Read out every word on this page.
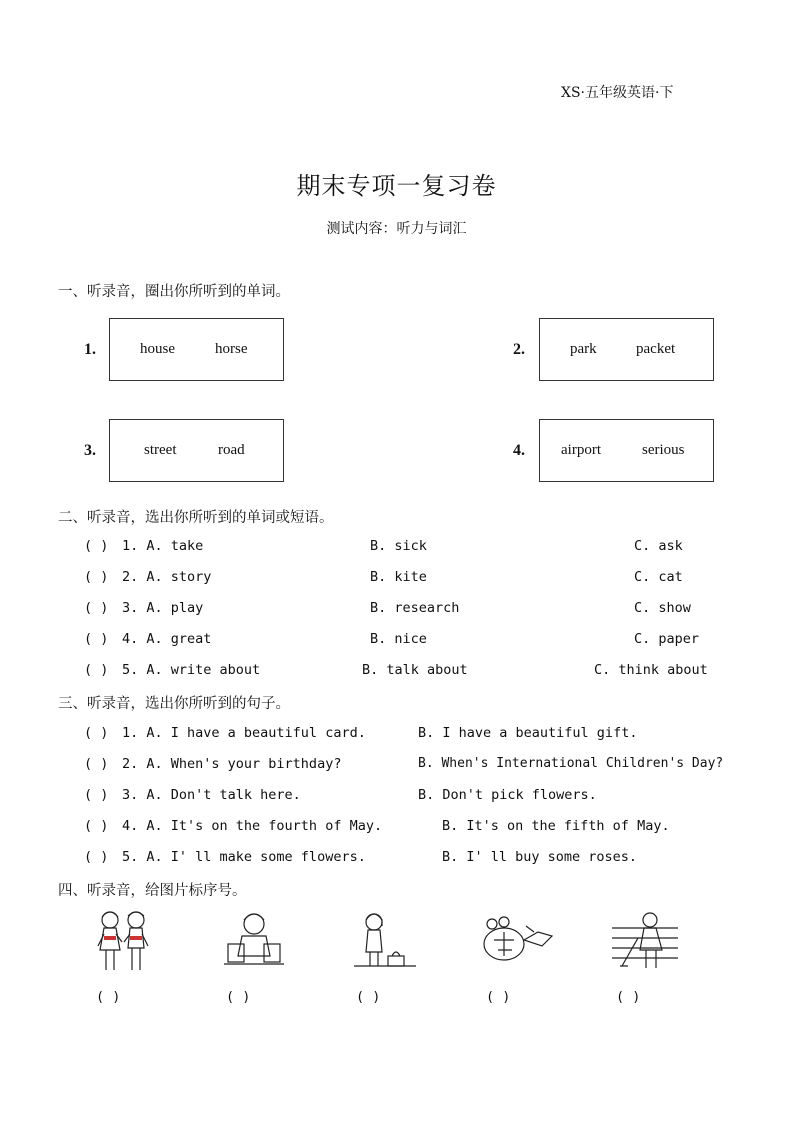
XS·五年级英语·下
期末专项一复习卷
测试内容：听力与词汇
一、听录音，圈出你所听到的单词。
1.	house	horse	2.	park	packet
3.	street	road	4. airport	serious
二、听录音，选出你所听到的单词或短语。
( ) 1. A. take	B. sick	C. ask
( ) 2. A. story	B. kite	C. cat
( ) 3. A. play	B. research	C. show
( ) 4. A. great	B. nice	C. paper
( ) 5. A. write about	B. talk about	C. think about
三、听录音，选出你所听到的句子。
( ) 1. A. I have a beautiful card.	B. I have a beautiful gift.
( ) 2. A. When's your birthday?	B. When's International Children's Day?
( ) 3. A. Don't talk here.	B. Don't pick flowers.
( ) 4. A. It's on the fourth of May.	B. It's on the fifth of May.
( ) 5. A. I' ll make some flowers.	B. I' ll buy some roses.
四、听录音，给图片标序号。
( )	( )	( )	( )	( )
